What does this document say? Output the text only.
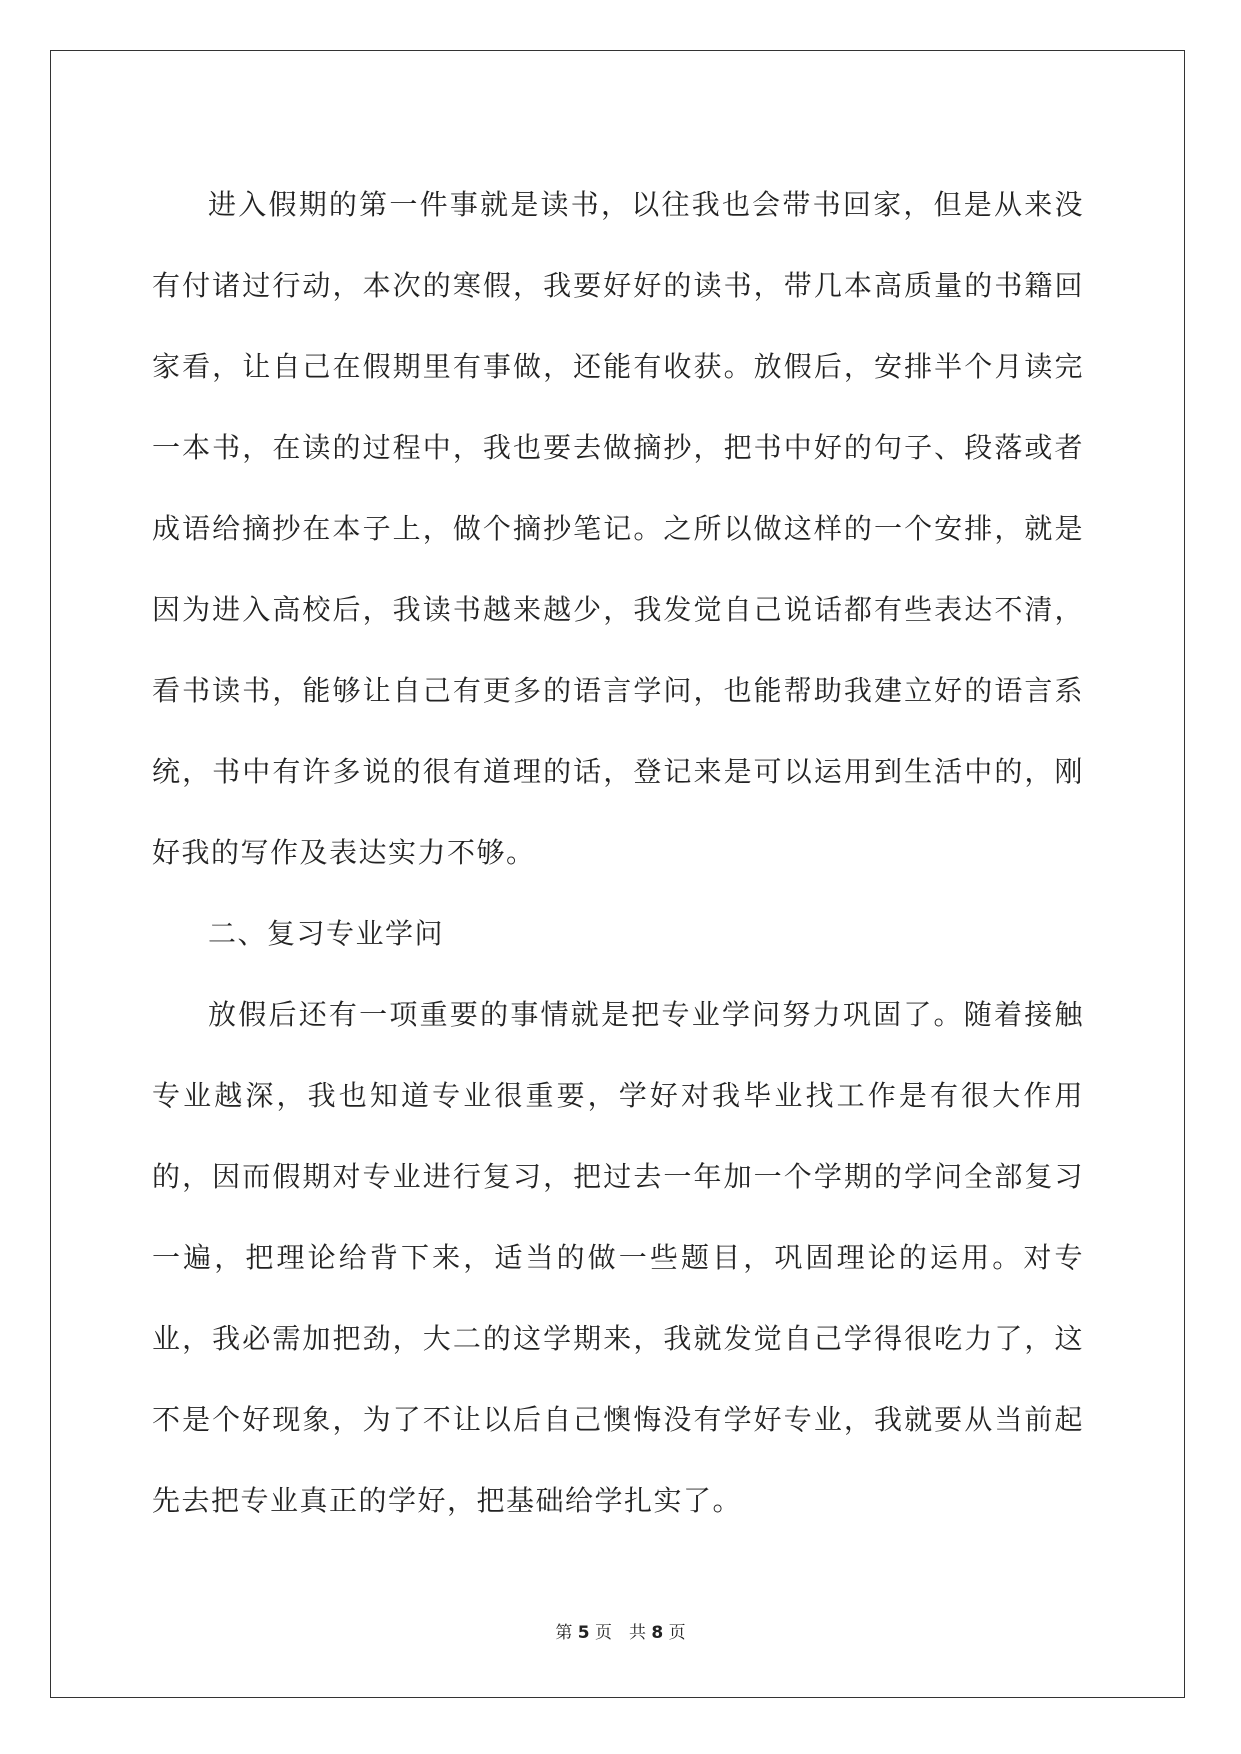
进入假期的第一件事就是读书，以往我也会带书回家，但是从来没有付诸过行动，本次的寒假，我要好好的读书，带几本高质量的书籍回家看，让自己在假期里有事做，还能有收获。放假后，安排半个月读完一本书，在读的过程中，我也要去做摘抄，把书中好的句子、段落或者成语给摘抄在本子上，做个摘抄笔记。之所以做这样的一个安排，就是因为进入高校后，我读书越来越少，我发觉自己说话都有些表达不清，看书读书，能够让自己有更多的语言学问，也能帮助我建立好的语言系统，书中有许多说的很有道理的话，登记来是可以运用到生活中的，刚好我的写作及表达实力不够。

二、复习专业学问

放假后还有一项重要的事情就是把专业学问努力巩固了。随着接触专业越深，我也知道专业很重要，学好对我毕业找工作是有很大作用的，因而假期对专业进行复习，把过去一年加一个学期的学问全部复习一遍，把理论给背下来，适当的做一些题目，巩固理论的运用。对专业，我必需加把劲，大二的这学期来，我就发觉自己学得很吃力了，这不是个好现象，为了不让以后自己懊悔没有学好专业，我就要从当前起先去把专业真正的学好，把基础给学扎实了。

第 5 页　共 8 页
